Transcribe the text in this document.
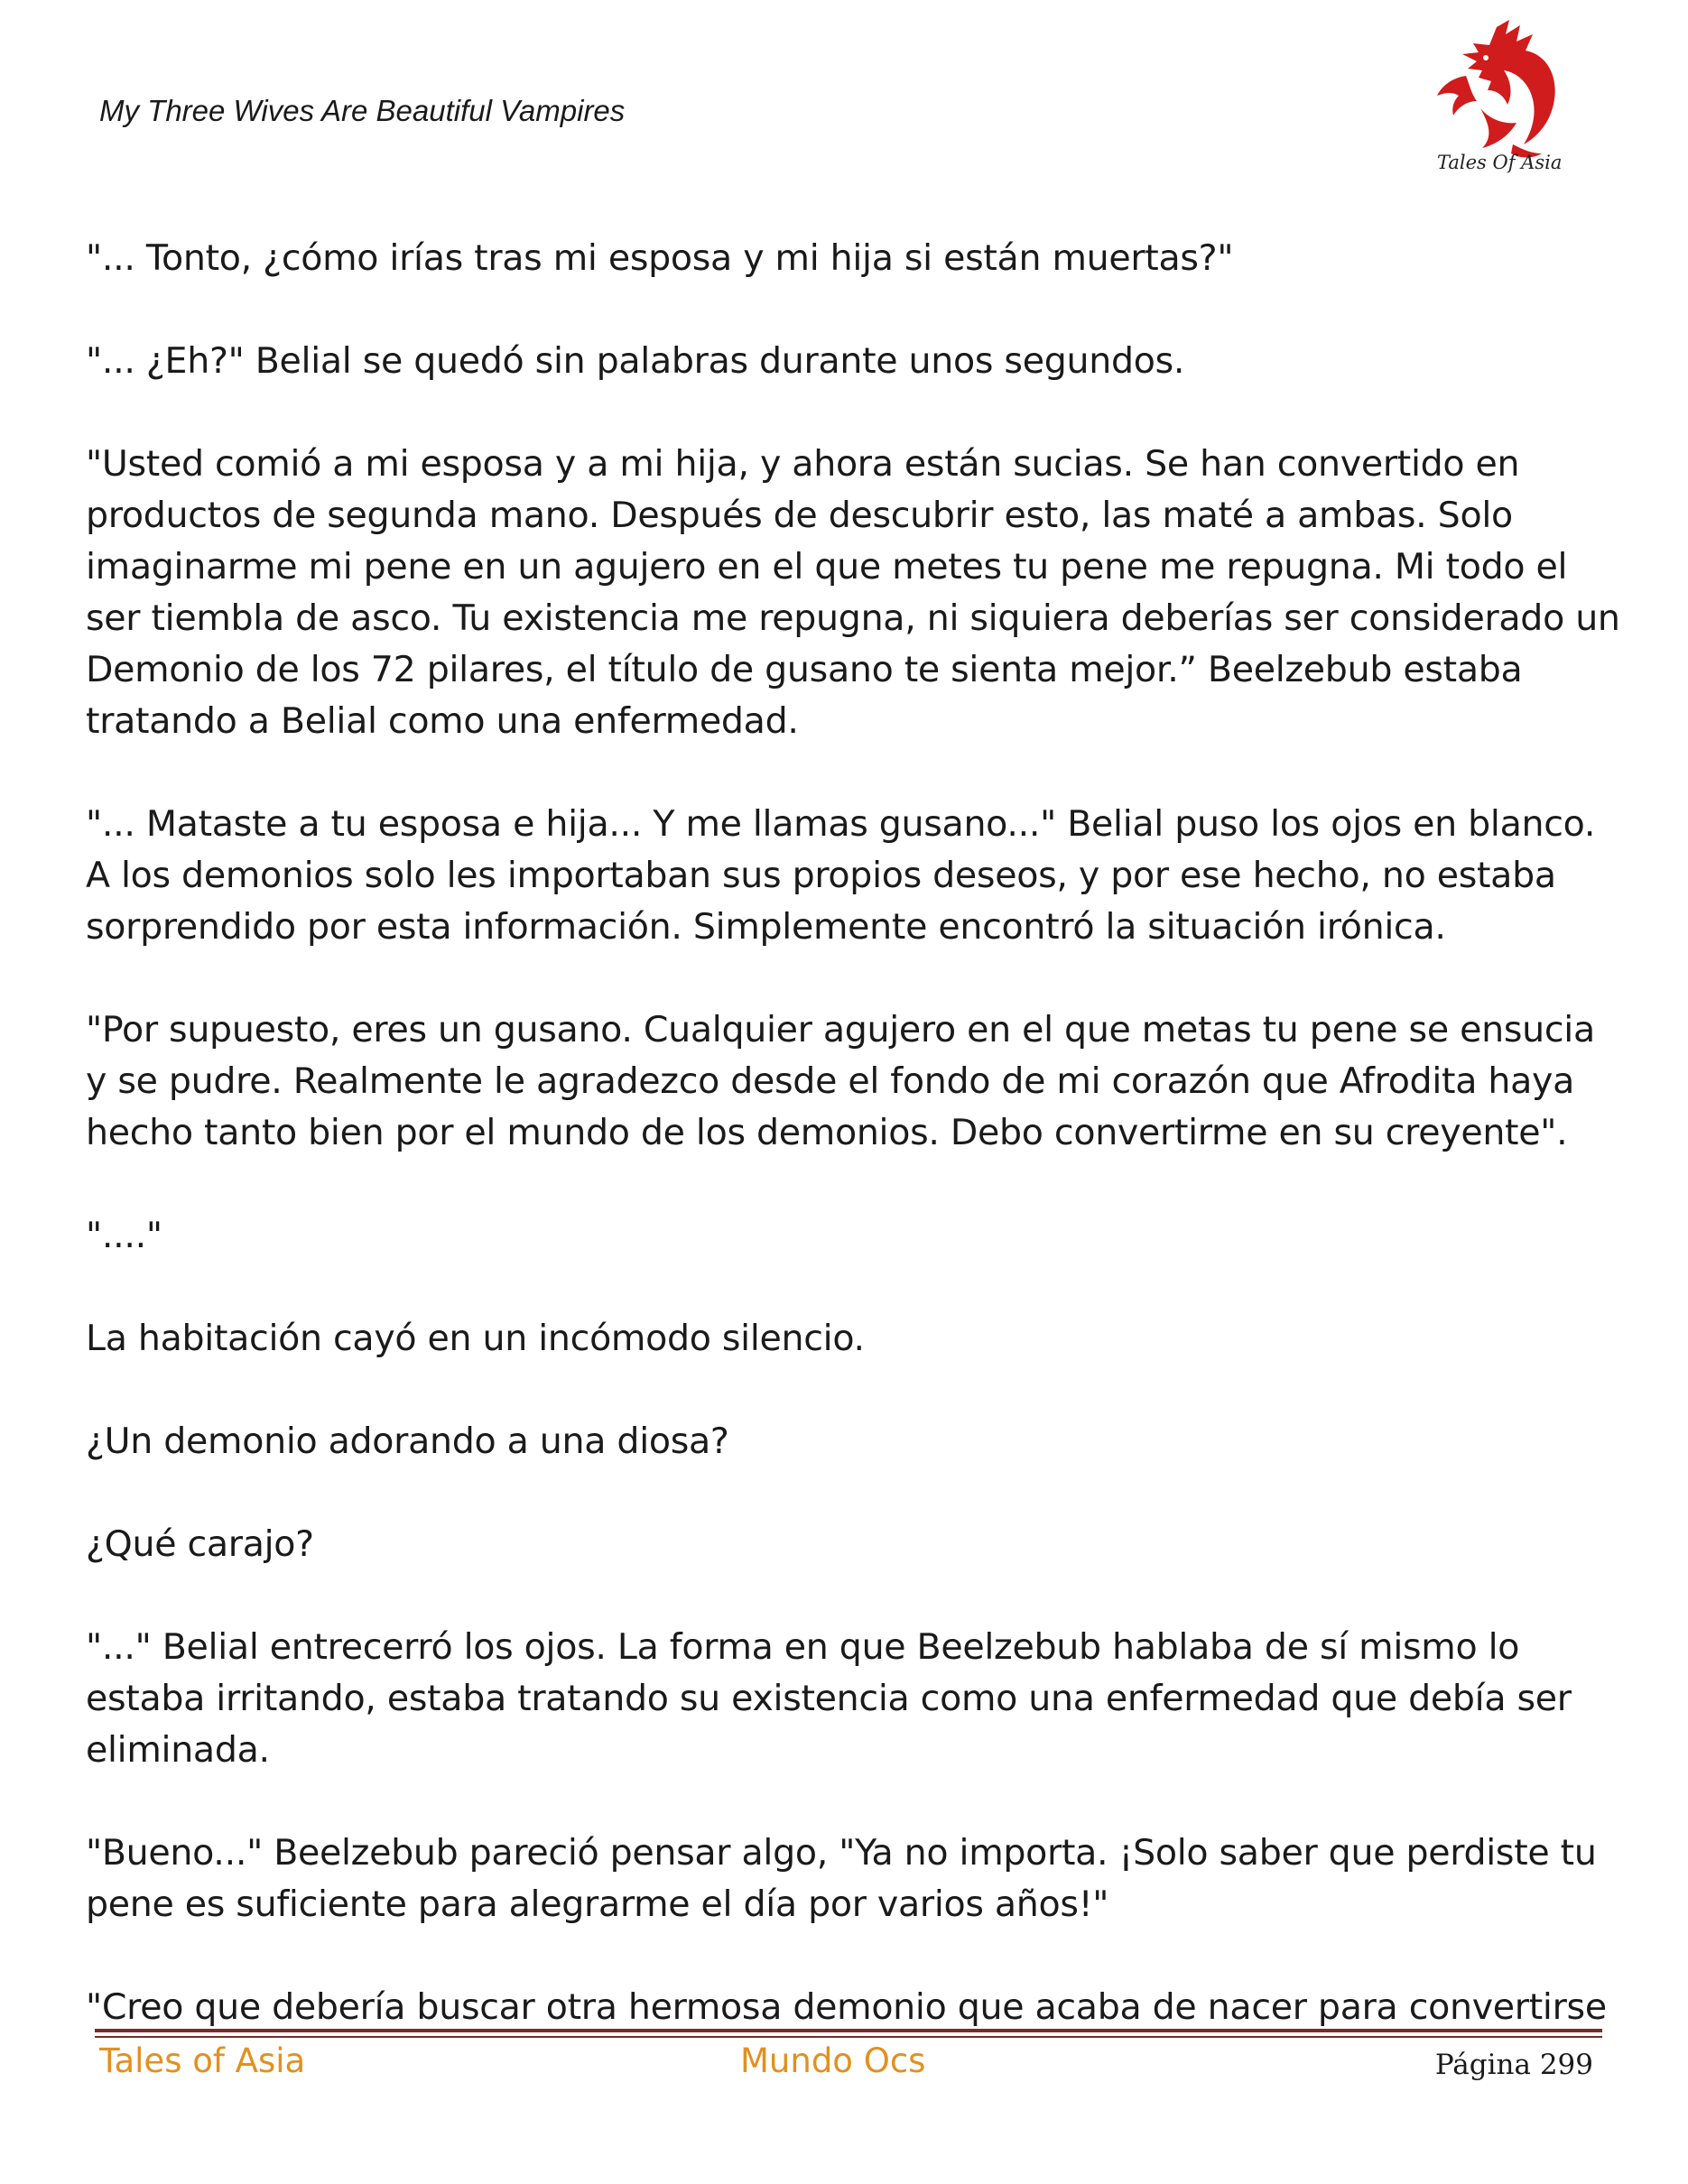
My Three Wives Are Beautiful Vampires
Tales Of Asia

"... Tonto, ¿cómo irías tras mi esposa y mi hija si están muertas?"

"... ¿Eh?" Belial se quedó sin palabras durante unos segundos.

"Usted comió a mi esposa y a mi hija, y ahora están sucias. Se han convertido en productos de segunda mano. Después de descubrir esto, las maté a ambas. Solo imaginarme mi pene en un agujero en el que metes tu pene me repugna. Mi todo el ser tiembla de asco. Tu existencia me repugna, ni siquiera deberías ser considerado un Demonio de los 72 pilares, el título de gusano te sienta mejor.” Beelzebub estaba tratando a Belial como una enfermedad.

"... Mataste a tu esposa e hija... Y me llamas gusano..." Belial puso los ojos en blanco. A los demonios solo les importaban sus propios deseos, y por ese hecho, no estaba sorprendido por esta información. Simplemente encontró la situación irónica.

"Por supuesto, eres un gusano. Cualquier agujero en el que metas tu pene se ensucia y se pudre. Realmente le agradezco desde el fondo de mi corazón que Afrodita haya hecho tanto bien por el mundo de los demonios. Debo convertirme en su creyente".

"...."

La habitación cayó en un incómodo silencio.

¿Un demonio adorando a una diosa?

¿Qué carajo?

"..." Belial entrecerró los ojos. La forma en que Beelzebub hablaba de sí mismo lo estaba irritando, estaba tratando su existencia como una enfermedad que debía ser eliminada.

"Bueno..." Beelzebub pareció pensar algo, "Ya no importa. ¡Solo saber que perdiste tu pene es suficiente para alegrarme el día por varios años!"

"Creo que debería buscar otra hermosa demonio que acaba de nacer para convertirse

Tales of Asia	Mundo Ocs	Página 299
